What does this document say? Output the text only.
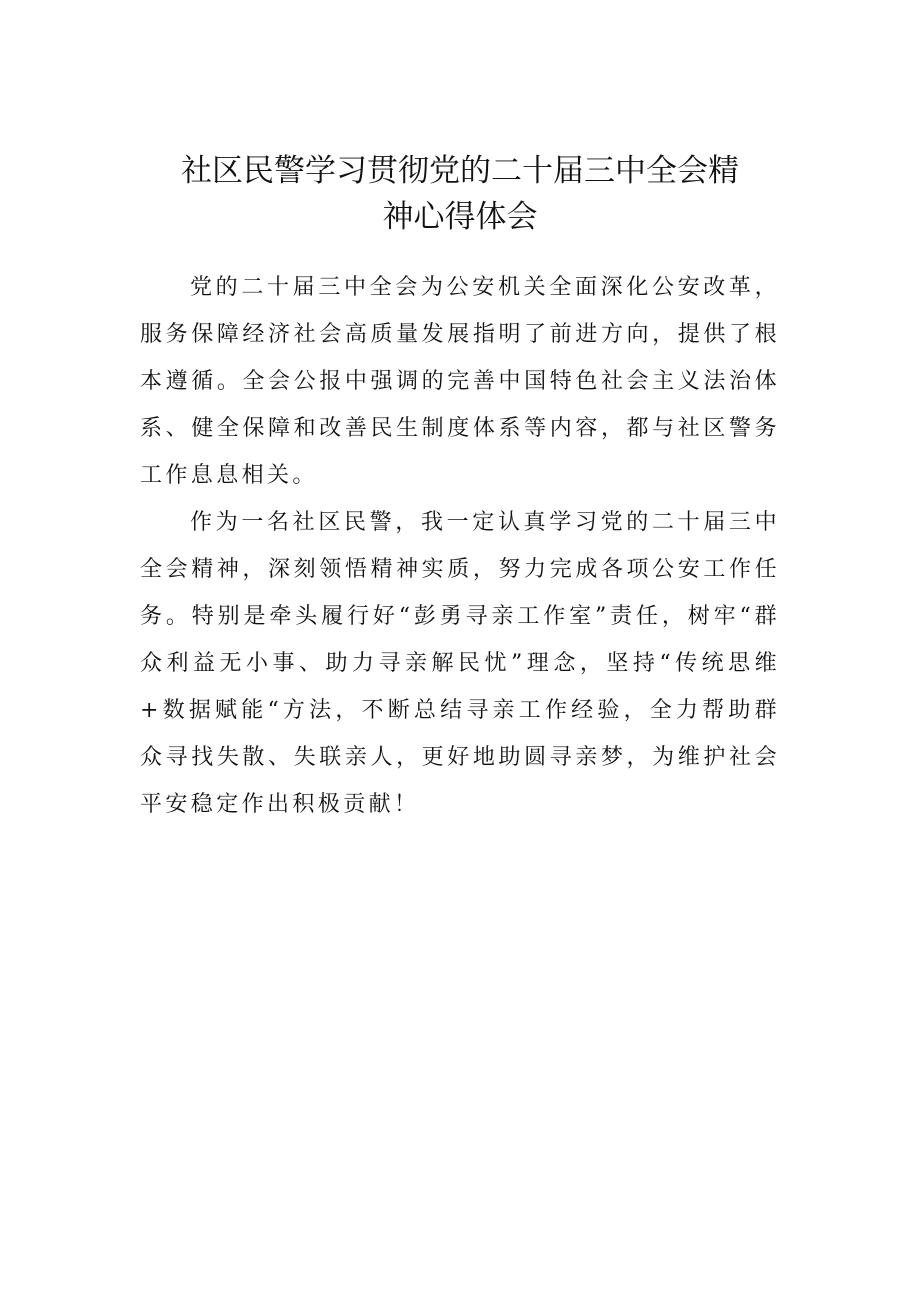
社区民警学习贯彻党的二十届三中全会精
神心得体会

党的二十届三中全会为公安机关全面深化公安改革，服务保障经济社会高质量发展指明了前进方向，提供了根本遵循。全会公报中强调的完善中国特色社会主义法治体系、健全保障和改善民生制度体系等内容，都与社区警务工作息息相关。

作为一名社区民警，我一定认真学习党的二十届三中全会精神，深刻领悟精神实质，努力完成各项公安工作任务。特别是牵头履行好“彭勇寻亲工作室”责任，树牢“群众利益无小事、助力寻亲解民忧”理念，坚持“传统思维+数据赋能“方法，不断总结寻亲工作经验，全力帮助群众寻找失散、失联亲人，更好地助圆寻亲梦，为维护社会平安稳定作出积极贡献！
